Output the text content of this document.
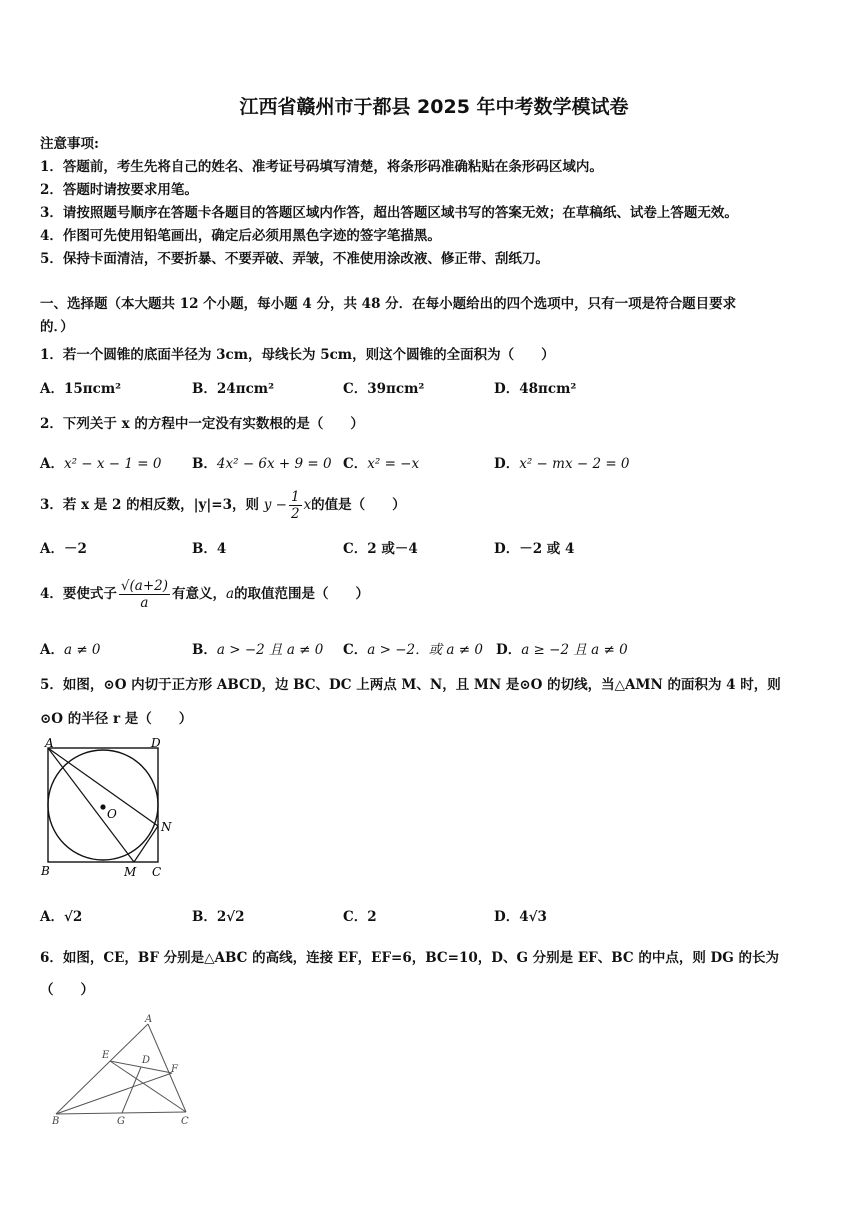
江西省赣州市于都县 2025 年中考数学模试卷
注意事项:
1．答题前，考生先将自己的姓名、准考证号码填写清楚，将条形码准确粘贴在条形码区域内。
2．答题时请按要求用笔。
3．请按照题号顺序在答题卡各题目的答题区域内作答，超出答题区域书写的答案无效；在草稿纸、试卷上答题无效。
4．作图可先使用铅笔画出，确定后必须用黑色字迹的签字笔描黑。
5．保持卡面清洁，不要折暴、不要弄破、弄皱，不准使用涂改液、修正带、刮纸刀。
一、选择题（本大题共 12 个小题，每小题 4 分，共 48 分．在每小题给出的四个选项中，只有一项是符合题目要求
的．）
1．若一个圆锥的底面半径为 3cm，母线长为 5cm，则这个圆锥的全面积为（　　）
A．15πcm²	B．24πcm²	C．39πcm²	D．48πcm²
2．下列关于 x 的方程中一定没有实数根的是（　　）
A．x² − x − 1 = 0 B．4x² − 6x + 9 = 0 C．x² = −x	D．x² − mx − 2 = 0
3．若 x 是 2 的相反数，|y|=3，则 $y - \frac{1}{2}$ x的值是（　　）
A．－2	B．4	C．2 或－4	D．－2 或 4
4．要使式子 $\frac{√(a+2)}{a}$ 有意义，a的取值范围是（　　）
A．a ≠ 0	B．a > −2 且 a ≠ 0 C．a > −2．或 a ≠ 0 D．a ≥ −2 且 a ≠ 0
5．如图，⊙O 内切于正方形 ABCD，边 BC、DC 上两点 M、N，且 MN 是⊙O 的切线，当△AMN 的面积为 4 时，则
⊙O 的半径 r 是（　　）
A	D
B	M C
N
O
A．√2	B．2√2	C．2	D．4√3
6．如图，CE，BF 分别是△ABC 的高线，连接 EF，EF=6，BC=10，D、G 分别是 EF、BC 的中点，则 DG 的长为
（　　）
A
E	D
F
B	G	C
